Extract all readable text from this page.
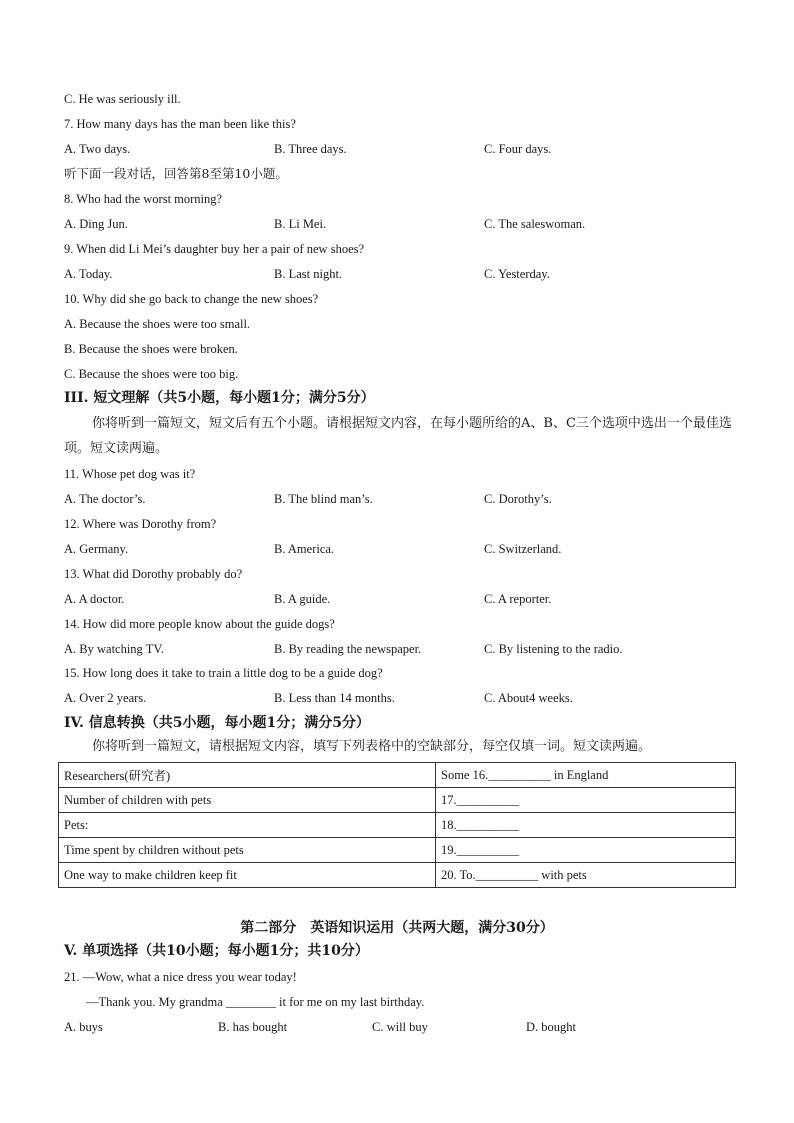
C. He was seriously ill.
7. How many days has the man been like this?
A. Two days.	B. Three days.	C. Four days.
听下面一段对话，回答第8至第10小题。
8. Who had the worst morning?
A. Ding Jun.	B. Li Mei.	C. The saleswoman.
9. When did Li Mei’s daughter buy her a pair of new shoes?
A. Today.	B. Last night.	C. Yesterday.
10. Why did she go back to change the new shoes?
A. Because the shoes were too small.
B. Because the shoes were broken.
C. Because the shoes were too big.
III. 短文理解（共5小题，每小题1分；满分5分）
你将听到一篇短文，短文后有五个小题。请根据短文内容，在每小题所给的A、B、C三个选项中选出一个最佳选项。短文读两遍。
11. Whose pet dog was it?
A. The doctor’s.	B. The blind man’s.	C. Dorothy’s.
12. Where was Dorothy from?
A. Germany.	B. America.	C. Switzerland.
13. What did Dorothy probably do?
A. A doctor.	B. A guide.	C. A reporter.
14. How did more people know about the guide dogs?
A. By watching TV.	B. By reading the newspaper.	C. By listening to the radio.
15. How long does it take to train a little dog to be a guide dog?
A. Over 2 years.	B. Less than 14 months.	C. About4 weeks.
IV. 信息转换（共5小题，每小题1分；满分5分）
你将听到一篇短文，请根据短文内容，填写下列表格中的空缺部分，每空仅填一词。短文读两遍。
Researchers(研究者)	Some 16.__________ in England
Number of children with pets	17.__________
Pets:	18.__________
Time spent by children without pets	19.__________
One way to make children keep fit	20. To.__________ with pets
第二部分　英语知识运用（共两大题，满分30分）
V. 单项选择（共10小题；每小题1分；共10分）
21. —Wow, what a nice dress you wear today!
—Thank you. My grandma ________ it for me on my last birthday.
A. buys	B. has bought	C. will buy	D. bought
